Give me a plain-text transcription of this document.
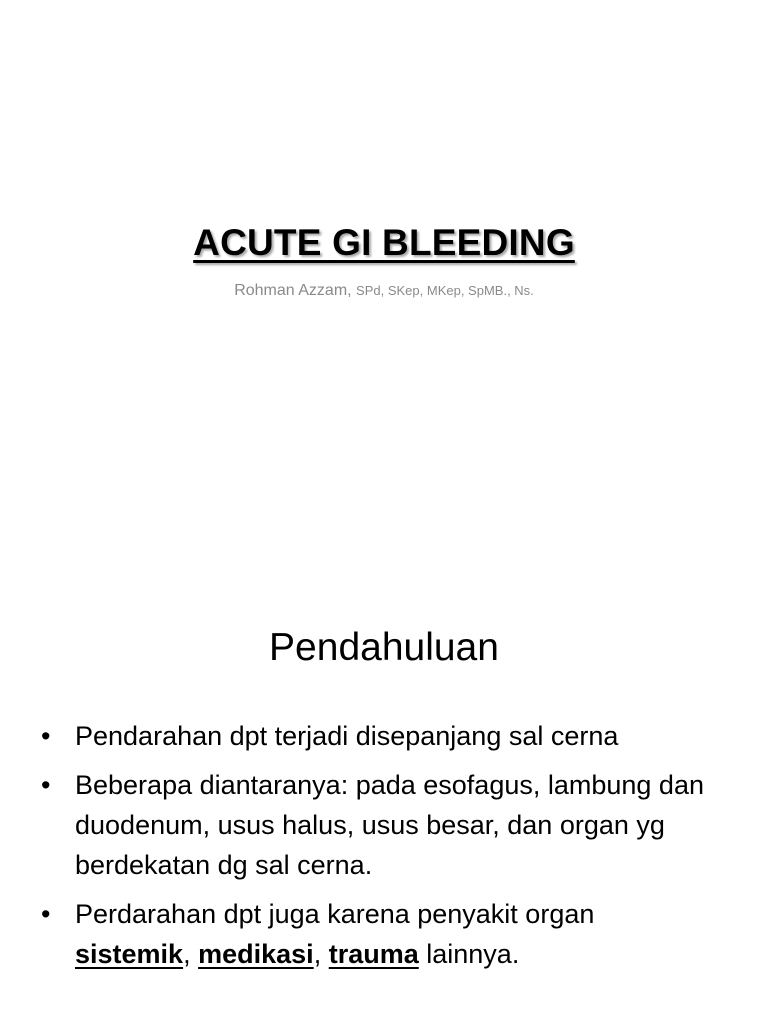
ACUTE GI BLEEDING
Rohman Azzam, SPd, SKep, MKep, SpMB., Ns.
Pendahuluan
• Pendarahan dpt terjadi disepanjang sal cerna
• Beberapa diantaranya: pada esofagus, lambung dan duodenum, usus halus, usus besar, dan organ yg berdekatan dg sal cerna.
• Perdarahan dpt juga karena penyakit organ
sistemik, medikasi, trauma lainnya.
